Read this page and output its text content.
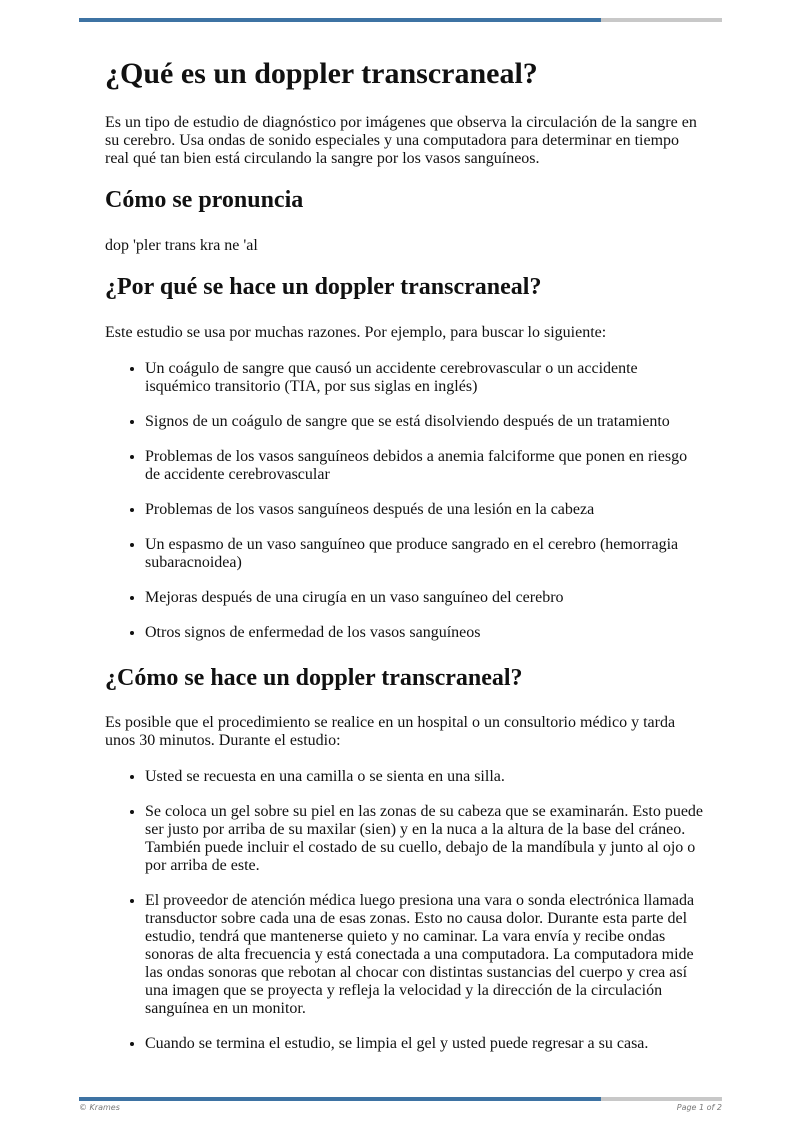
¿Qué es un doppler transcraneal?

Es un tipo de estudio de diagnóstico por imágenes que observa la circulación de la sangre en su cerebro. Usa ondas de sonido especiales y una computadora para determinar en tiempo real qué tan bien está circulando la sangre por los vasos sanguíneos.

Cómo se pronuncia

dop 'pler trans kra ne 'al

¿Por qué se hace un doppler transcraneal?

Este estudio se usa por muchas razones. Por ejemplo, para buscar lo siguiente:

• Un coágulo de sangre que causó un accidente cerebrovascular o un accidente isquémico transitorio (TIA, por sus siglas en inglés)
• Signos de un coágulo de sangre que se está disolviendo después de un tratamiento
• Problemas de los vasos sanguíneos debidos a anemia falciforme que ponen en riesgo de accidente cerebrovascular
• Problemas de los vasos sanguíneos después de una lesión en la cabeza
• Un espasmo de un vaso sanguíneo que produce sangrado en el cerebro (hemorragia subaracnoidea)
• Mejoras después de una cirugía en un vaso sanguíneo del cerebro
• Otros signos de enfermedad de los vasos sanguíneos
¿Cómo se hace un doppler transcraneal?

Es posible que el procedimiento se realice en un hospital o un consultorio médico y tarda unos 30 minutos. Durante el estudio:

• Usted se recuesta en una camilla o se sienta en una silla.
• Se coloca un gel sobre su piel en las zonas de su cabeza que se examinarán. Esto puede ser justo por arriba de su maxilar (sien) y en la nuca a la altura de la base del cráneo. También puede incluir el costado de su cuello, debajo de la mandíbula y junto al ojo o por arriba de este.
• El proveedor de atención médica luego presiona una vara o sonda electrónica llamada transductor sobre cada una de esas zonas. Esto no causa dolor. Durante esta parte del estudio, tendrá que mantenerse quieto y no caminar. La vara envía y recibe ondas sonoras de alta frecuencia y está conectada a una computadora. La computadora mide las ondas sonoras que rebotan al chocar con distintas sustancias del cuerpo y crea así una imagen que se proyecta y refleja la velocidad y la dirección de la circulación sanguínea en un monitor.
• Cuando se termina el estudio, se limpia el gel y usted puede regresar a su casa.
© Krames	Page 1 of 2
